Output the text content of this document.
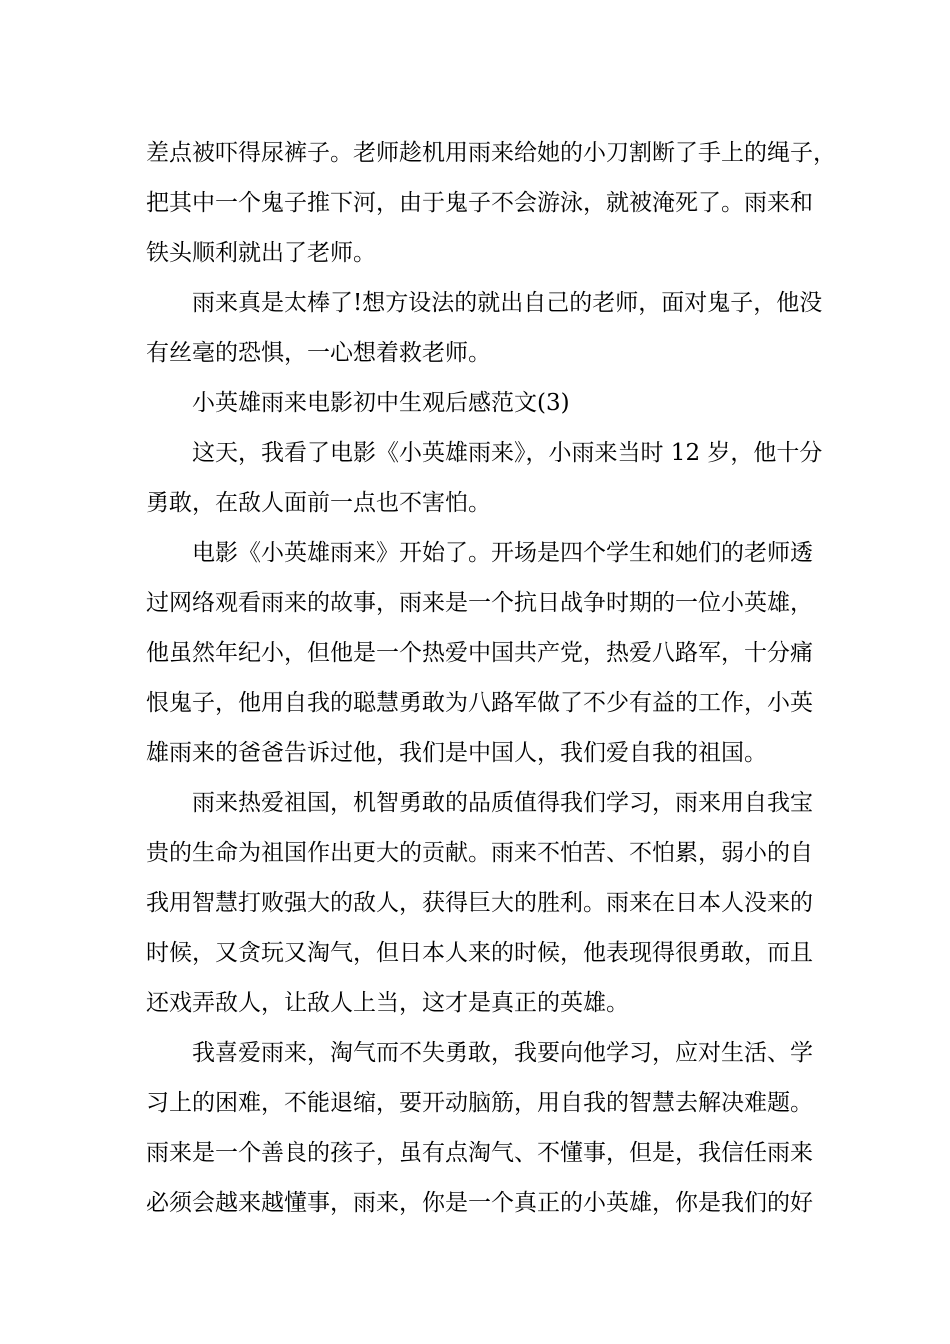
差点被吓得尿裤子。老师趁机用雨来给她的小刀割断了手上的绳子，
把其中一个鬼子推下河，由于鬼子不会游泳，就被淹死了。雨来和
铁头顺利就出了老师。
雨来真是太棒了!想方设法的就出自己的老师，面对鬼子，他没
有丝毫的恐惧，一心想着救老师。
小英雄雨来电影初中生观后感范文(3)
这天，我看了电影《小英雄雨来》，小雨来当时 12 岁，他十分
勇敢，在敌人面前一点也不害怕。
电影《小英雄雨来》开始了。开场是四个学生和她们的老师透
过网络观看雨来的故事，雨来是一个抗日战争时期的一位小英雄，
他虽然年纪小，但他是一个热爱中国共产党，热爱八路军，十分痛
恨鬼子，他用自我的聪慧勇敢为八路军做了不少有益的工作，小英
雄雨来的爸爸告诉过他，我们是中国人，我们爱自我的祖国。
雨来热爱祖国，机智勇敢的品质值得我们学习，雨来用自我宝
贵的生命为祖国作出更大的贡献。雨来不怕苦、不怕累，弱小的自
我用智慧打败强大的敌人，获得巨大的胜利。雨来在日本人没来的
时候，又贪玩又淘气，但日本人来的时候，他表现得很勇敢，而且
还戏弄敌人，让敌人上当，这才是真正的英雄。
我喜爱雨来，淘气而不失勇敢，我要向他学习，应对生活、学
习上的困难，不能退缩，要开动脑筋，用自我的智慧去解决难题。
雨来是一个善良的孩子，虽有点淘气、不懂事，但是，我信任雨来
必须会越来越懂事，雨来，你是一个真正的小英雄，你是我们的好
